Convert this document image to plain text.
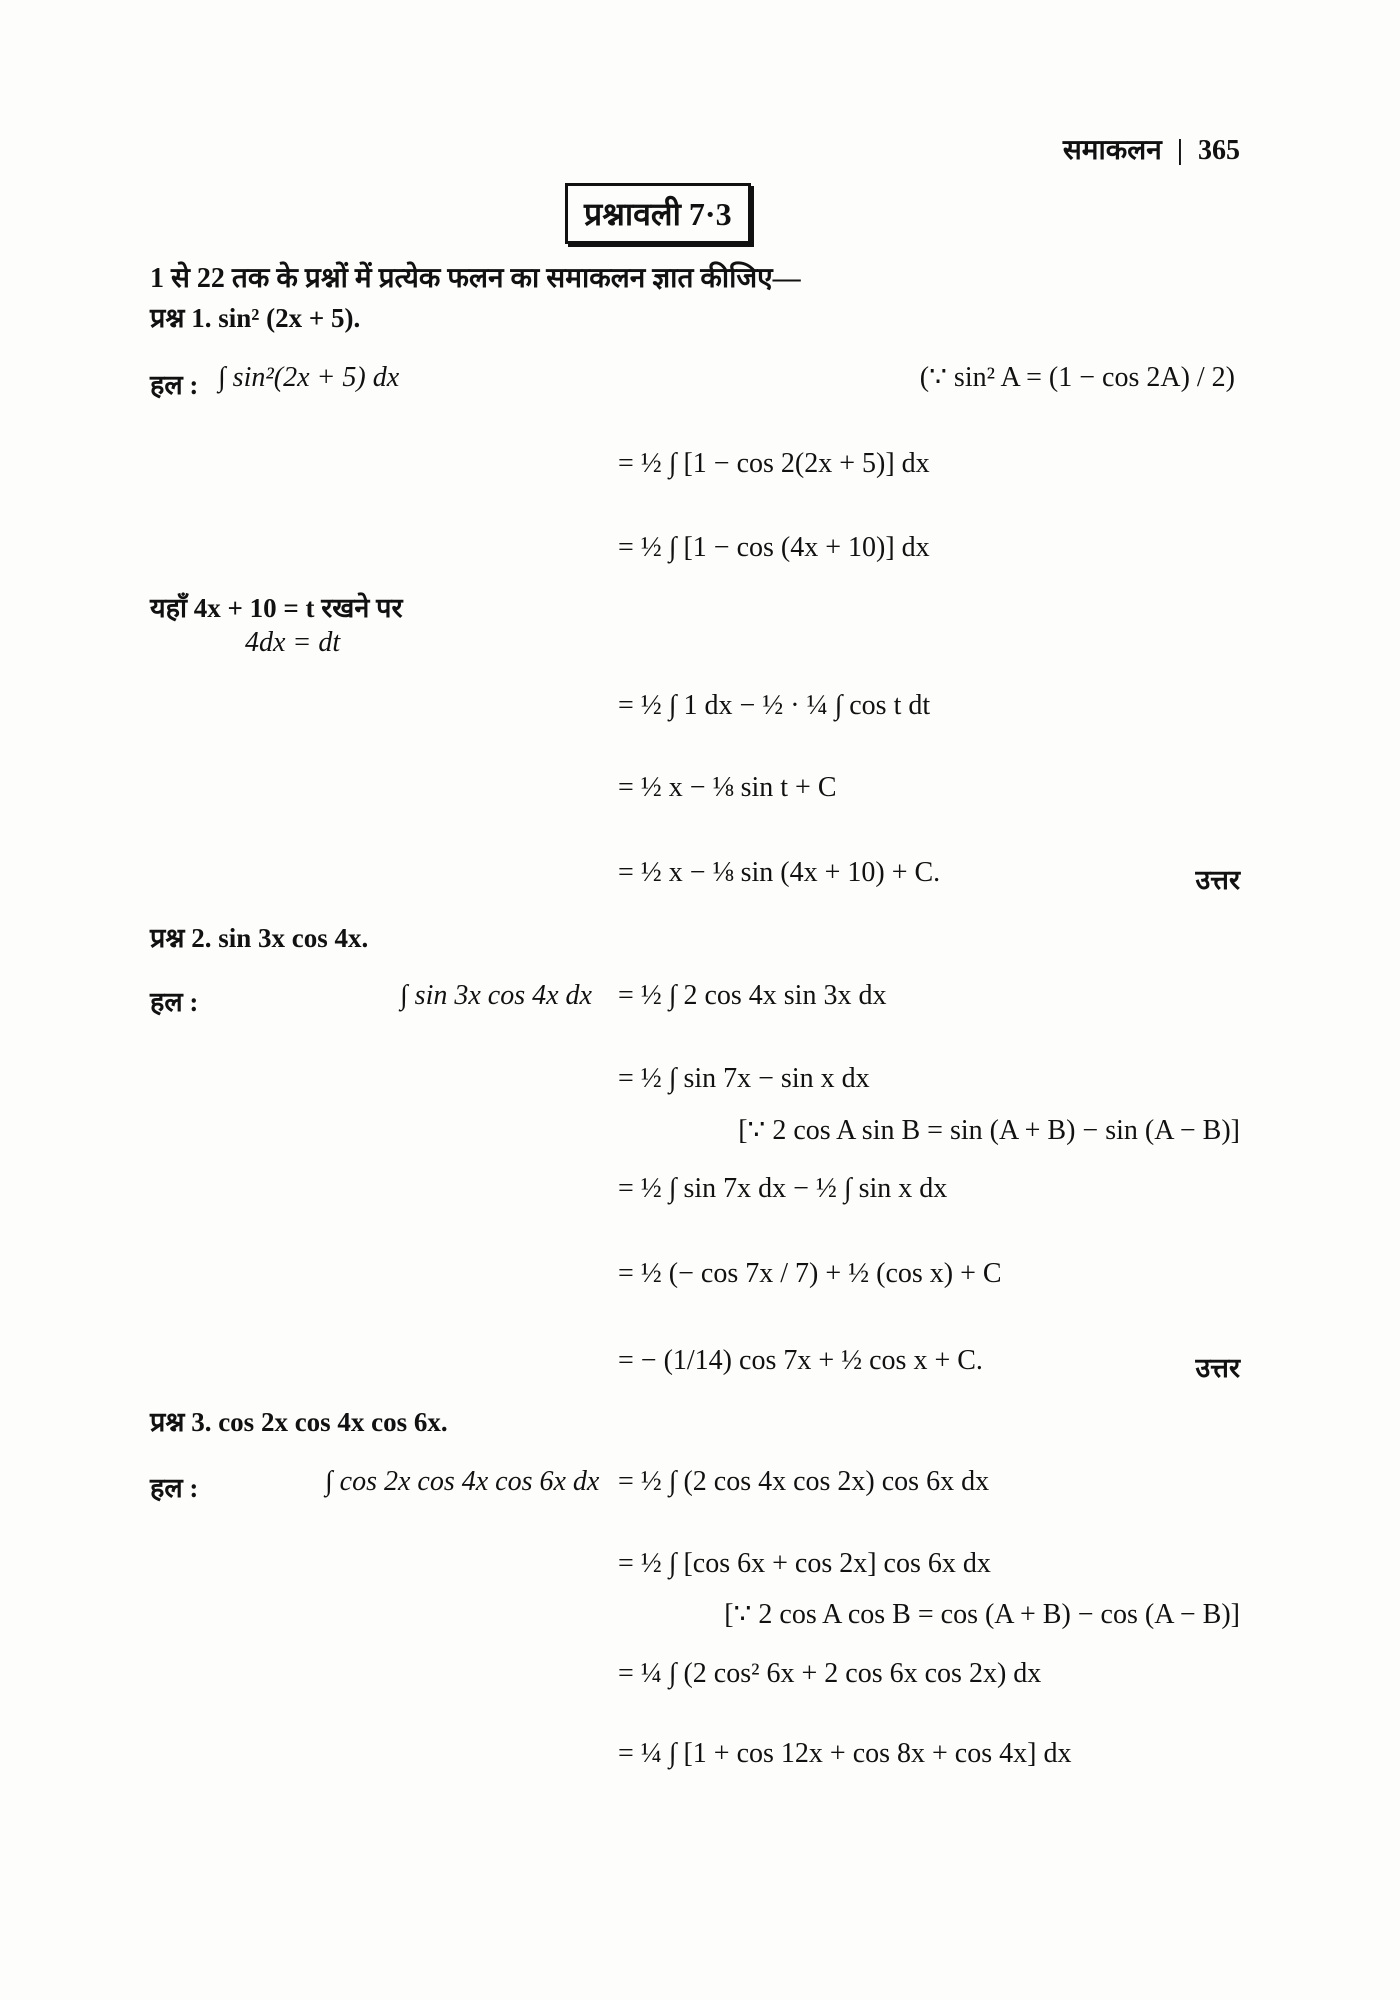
समाकलन | 365
प्रश्नावली 7·3
1 से 22 तक के प्रश्नों में प्रत्येक फलन का समाकलन ज्ञात कीजिए—
प्रश्न 1. sin² (2x + 5).
हल : ∫ sin²(2x + 5) dx	(∵ sin² A = (1 − cos 2A) / 2)
= ½ ∫ [1 − cos 2(2x + 5)] dx
= ½ ∫ [1 − cos (4x + 10)] dx
यहाँ 4x + 10 = t रखने पर
4dx = dt
= ½ ∫ 1 dx − ½ · ¼ ∫ cos t dt
= ½ x − ⅛ sin t + C
= ½ x − ⅛ sin (4x + 10) + C.	उत्तर
प्रश्न 2. sin 3x cos 4x.
हल :	∫ sin 3x cos 4x dx = ½ ∫ 2 cos 4x sin 3x dx
= ½ ∫ sin 7x − sin x dx
[∵ 2 cos A sin B = sin (A + B) − sin (A − B)]
= ½ ∫ sin 7x dx − ½ ∫ sin x dx
= ½ (− cos 7x / 7) + ½ (cos x) + C
= − (1/14) cos 7x + ½ cos x + C.	उत्तर
प्रश्न 3. cos 2x cos 4x cos 6x.
हल :	∫ cos 2x cos 4x cos 6x dx = ½ ∫ (2 cos 4x cos 2x) cos 6x dx
= ½ ∫ [cos 6x + cos 2x] cos 6x dx
[∵ 2 cos A cos B = cos (A + B) − cos (A − B)]
= ¼ ∫ (2 cos² 6x + 2 cos 6x cos 2x) dx
= ¼ ∫ [1 + cos 12x + cos 8x + cos 4x] dx
